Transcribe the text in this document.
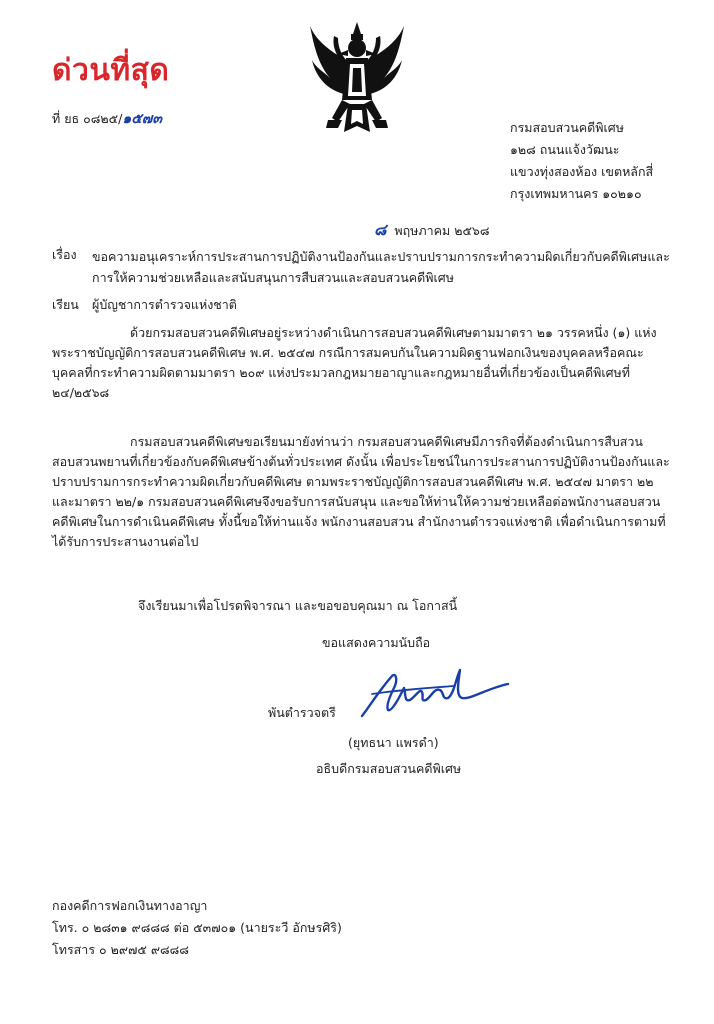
ด่วนที่สุด
ที่ ยธ ๐๘๒๕/๑๕๗๓
กรมสอบสวนคดีพิเศษ
๑๒๘ ถนนแจ้งวัฒนะ
แขวงทุ่งสองห้อง เขตหลักสี่
กรุงเทพมหานคร ๑๐๒๑๐
๘ พฤษภาคม ๒๕๖๘
เรื่อง ขอความอนุเคราะห์การประสานการปฏิบัติงานป้องกันและปราบปรามการกระทำความผิดเกี่ยวกับคดีพิเศษและการให้ความช่วยเหลือและสนับสนุนการสืบสวนและสอบสวนคดีพิเศษ
เรียน ผู้บัญชาการตำรวจแห่งชาติ
ด้วยกรมสอบสวนคดีพิเศษอยู่ระหว่างดำเนินการสอบสวนคดีพิเศษตามมาตรา ๒๑ วรรคหนึ่ง (๑) แห่งพระราชบัญญัติการสอบสวนคดีพิเศษ พ.ศ. ๒๕๔๗ กรณีการสมคบกันในความผิดฐานฟอกเงินของบุคคลหรือคณะบุคคลที่กระทำความผิดตามมาตรา ๒๐๙ แห่งประมวลกฎหมายอาญาและกฎหมายอื่นที่เกี่ยวข้องเป็นคดีพิเศษที่ ๒๔/๒๕๖๘
กรมสอบสวนคดีพิเศษขอเรียนมายังท่านว่า กรมสอบสวนคดีพิเศษมีภารกิจที่ต้องดำเนินการสืบสวนสอบสวนพยานที่เกี่ยวข้องกับคดีพิเศษข้างต้นทั่วประเทศ ดังนั้น เพื่อประโยชน์ในการประสานการปฏิบัติงานป้องกันและปราบปรามการกระทำความผิดเกี่ยวกับคดีพิเศษ ตามพระราชบัญญัติการสอบสวนคดีพิเศษ พ.ศ. ๒๕๔๗ มาตรา ๒๒ และมาตรา ๒๒/๑ กรมสอบสวนคดีพิเศษจึงขอรับการสนับสนุน และขอให้ท่านให้ความช่วยเหลือต่อพนักงานสอบสวนคดีพิเศษในการดำเนินคดีพิเศษ ทั้งนี้ขอให้ท่านแจ้ง พนักงานสอบสวน สำนักงานตำรวจแห่งชาติ เพื่อดำเนินการตามที่ได้รับการประสานงานต่อไป
จึงเรียนมาเพื่อโปรดพิจารณา และขอขอบคุณมา ณ โอกาสนี้
ขอแสดงความนับถือ
พันตำรวจตรี
(ยุทธนา แพรดำ)
อธิบดีกรมสอบสวนคดีพิเศษ
กองคดีการฟอกเงินทางอาญา
โทร. ๐ ๒๘๓๑ ๙๘๘๘ ต่อ ๕๓๗๐๑ (นายระวี อักษรศิริ)
โทรสาร ๐ ๒๙๗๕ ๙๘๘๘
